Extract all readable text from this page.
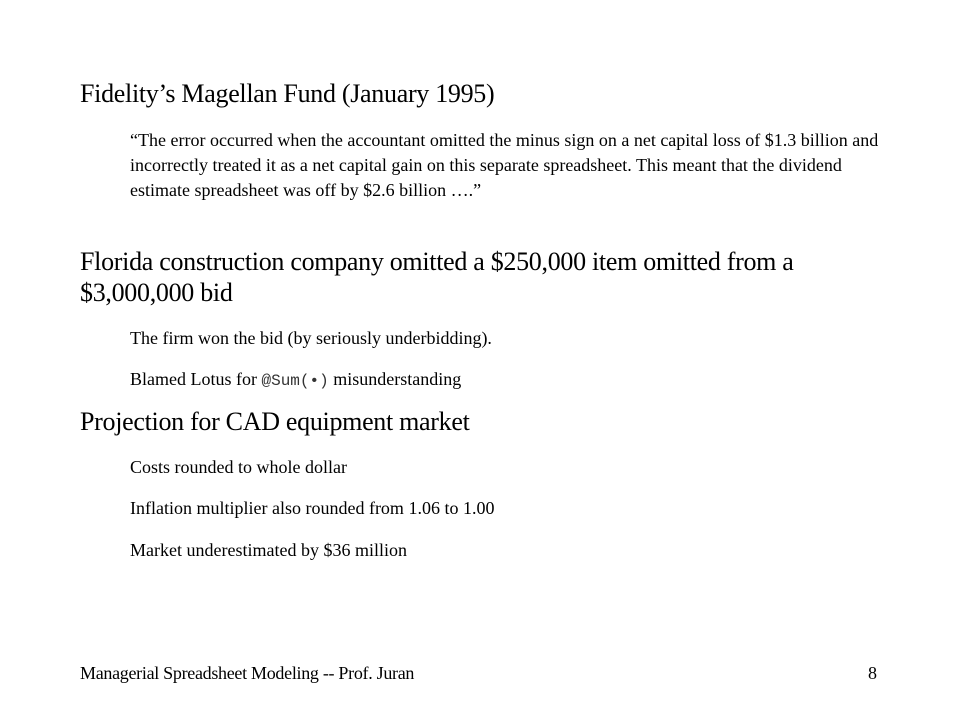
Fidelity’s Magellan Fund (January 1995)

“The error occurred when the accountant omitted the minus sign on a net capital loss of $1.3 billion and incorrectly treated it as a net capital gain on this separate spreadsheet. This meant that the dividend estimate spreadsheet was off by $2.6 billion ….”

Florida construction company omitted a $250,000 item omitted from a $3,000,000 bid

The firm won the bid (by seriously underbidding).

Blamed Lotus for @Sum(•) misunderstanding

Projection for CAD equipment market

Costs rounded to whole dollar

Inflation multiplier also rounded from 1.06 to 1.00

Market underestimated by $36 million

Managerial Spreadsheet Modeling -- Prof. Juran	8
